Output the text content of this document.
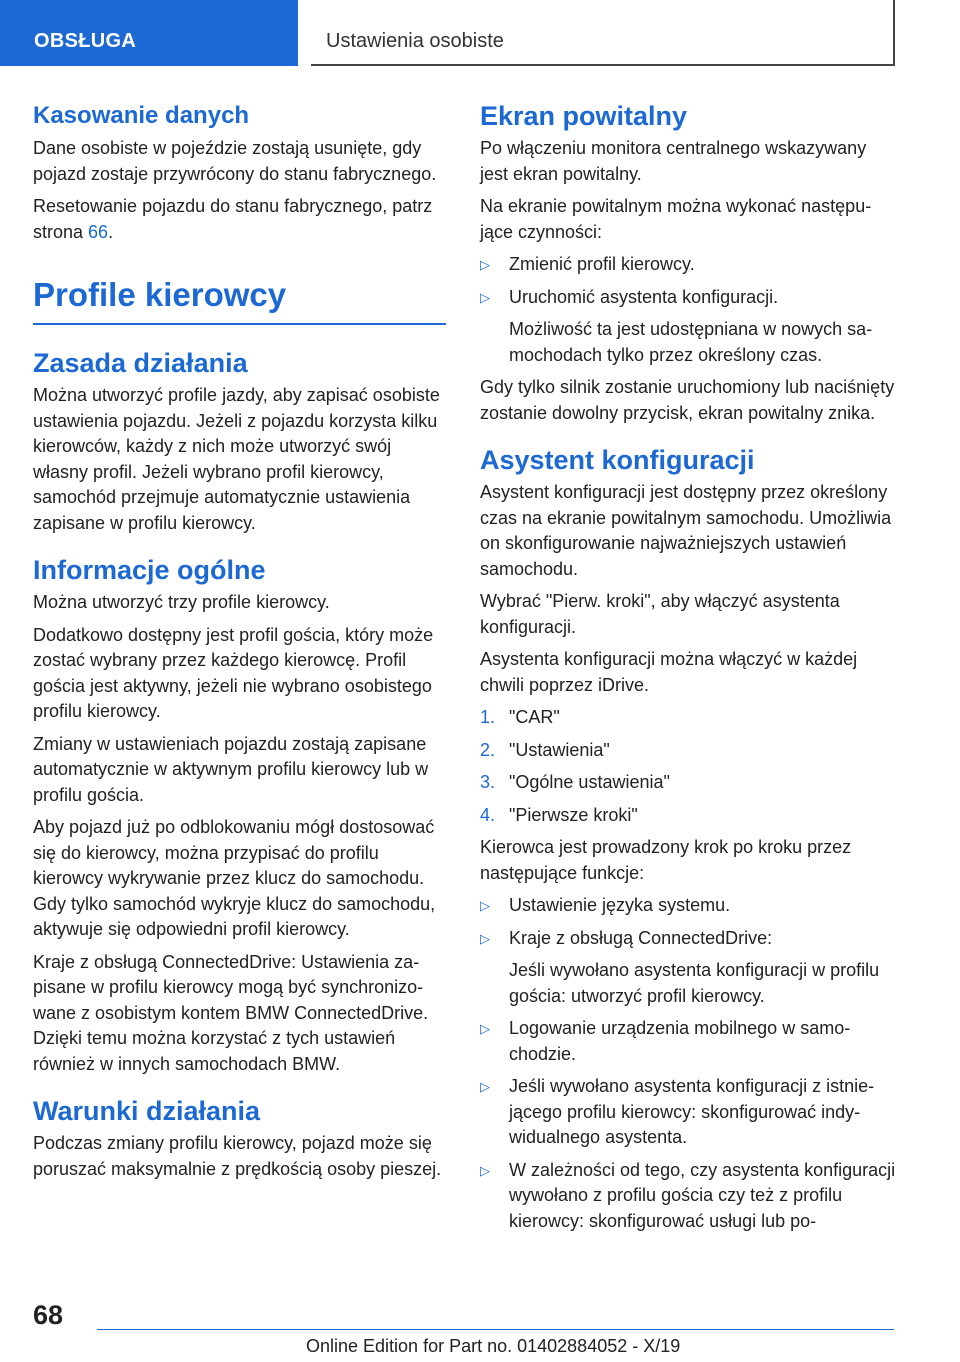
OBSŁUGA	Ustawienia osobiste
Kasowanie danych

Dane osobiste w pojeździe zostają usunięte, gdy pojazd zostaje przywrócony do stanu fabrycznego.

Resetowanie pojazdu do stanu fabrycznego, patrz strona 66.

Profile kierowcy
Zasada działania

Można utworzyć profile jazdy, aby zapisać osobiste ustawienia pojazdu. Jeżeli z pojazdu korzysta kilku kierowców, każdy z nich może utworzyć swój własny profil. Jeżeli wybrano profil kierowcy, samochód przejmuje automatycznie ustawienia zapisane w profilu kierowcy.

Informacje ogólne

Można utworzyć trzy profile kierowcy.

Dodatkowo dostępny jest profil gościa, który może zostać wybrany przez każdego kierowcę. Profil gościa jest aktywny, jeżeli nie wybrano osobistego profilu kierowcy.

Zmiany w ustawieniach pojazdu zostają zapisane automatycznie w aktywnym profilu kierowcy lub w profilu gościa.

Aby pojazd już po odblokowaniu mógł dostosować się do kierowcy, można przypisać do profilu kierowcy wykrywanie przez klucz do samochodu. Gdy tylko samochód wykryje klucz do samochodu, aktywuje się odpowiedni profil kierowcy.

Kraje z obsługą ConnectedDrive: Ustawienia zapisane w profilu kierowcy mogą być synchronizowane z osobistym kontem BMW ConnectedDrive. Dzięki temu można korzystać z tych ustawień również w innych samochodach BMW.

Warunki działania

Podczas zmiany profilu kierowcy, pojazd może się poruszać maksymalnie z prędkością osoby pieszej.

Ekran powitalny

Po włączeniu monitora centralnego wskazywany jest ekran powitalny.

Na ekranie powitalnym można wykonać następujące czynności:

▷	Zmienić profil kierowcy.
▷	Uruchomić asystenta konfiguracji.
Możliwość ta jest udostępniana w nowych samochodach tylko przez określony czas.

Gdy tylko silnik zostanie uruchomiony lub naciśnięty zostanie dowolny przycisk, ekran powitalny znika.

Asystent konfiguracji

Asystent konfiguracji jest dostępny przez określony czas na ekranie powitalnym samochodu. Umożliwia on skonfigurowanie najważniejszych ustawień samochodu.

Wybrać "Pierw. kroki", aby włączyć asystenta konfiguracji.

Asystenta konfiguracji można włączyć w każdej chwili poprzez iDrive.

1. "CAR"
2. "Ustawienia"
3. "Ogólne ustawienia"
4. "Pierwsze kroki"

Kierowca jest prowadzony krok po kroku przez następujące funkcje:

▷	Ustawienie języka systemu.
▷	Kraje z obsługą ConnectedDrive:
Jeśli wywołano asystenta konfiguracji w profilu gościa: utworzyć profil kierowcy.
▷	Logowanie urządzenia mobilnego w samochodzie.
▷	Jeśli wywołano asystenta konfiguracji z istniejącego profilu kierowcy: skonfigurować indywidualnego asystenta.
▷	W zależności od tego, czy asystenta konfiguracji wywołano z profilu gościa czy też z profilu kierowcy: skonfigurować usługi lub po-
68
Online Edition for Part no. 01402884052 - X/19
